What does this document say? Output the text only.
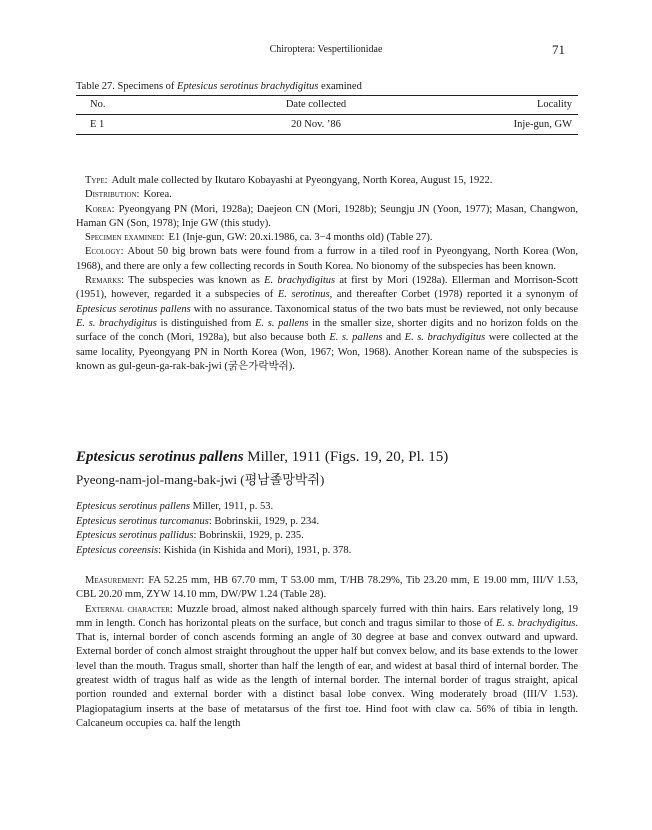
Chiroptera: Vespertilionidae	71
Table 27. Specimens of Eptesicus serotinus brachydigitus examined
No.	Date collected	Locality
E 1	20 Nov. ’86	Inje-gun, GW

Type: Adult male collected by Ikutaro Kobayashi at Pyeongyang, North Korea, August 15, 1922.

Distribution: Korea.

Korea: Pyeongyang PN (Mori, 1928a); Daejeon CN (Mori, 1928b); Seungju JN (Yoon, 1977); Masan, Changwon, Haman GN (Son, 1978); Inje GW (this study).

Specimen examined: E1 (Inje-gun, GW: 20.xi.1986, ca. 3−4 months old) (Table 27).

Ecology: About 50 big brown bats were found from a furrow in a tiled roof in Pyeongyang, North Korea (Won, 1968), and there are only a few collecting records in South Korea. No bionomy of the subspecies has been known.

Remarks: The subspecies was known as E. brachydigitus at first by Mori (1928a). Ellerman and Morrison-Scott (1951), however, regarded it a subspecies of E. serotinus, and thereafter Corbet (1978) reported it a synonym of Eptesicus serotinus pallens with no assurance. Taxonomical status of the two bats must be reviewed, not only because E. s. brachydigitus is distinguished from E. s. pallens in the smaller size, shorter digits and no horizon folds on the surface of the conch (Mori, 1928a), but also because both E. s. pallens and E. s. brachydigitus were collected at the same locality, Pyeongyang PN in North Korea (Won, 1967; Won, 1968). Another Korean name of the subspecies is known as gul-geun-ga-rak-bak-jwi (굵은가락박쥐).

Eptesicus serotinus pallens Miller, 1911 (Figs. 19, 20, Pl. 15)
Pyeong-nam-jol-mang-bak-jwi (평남졸망박쥐)
Eptesicus serotinus pallens Miller, 1911, p. 53.
Eptesicus serotinus turcomanus: Bobrinskii, 1929, p. 234.
Eptesicus serotinus pallidus: Bobrinskii, 1929, p. 235.
Eptesicus coreensis: Kishida (in Kishida and Mori), 1931, p. 378.

Measurement: FA 52.25 mm, HB 67.70 mm, T 53.00 mm, T/HB 78.29%, Tib 23.20 mm, E 19.00 mm, III/V 1.53, CBL 20.20 mm, ZYW 14.10 mm, DW/PW 1.24 (Table 28).

External character: Muzzle broad, almost naked although sparcely furred with thin hairs. Ears relatively long, 19 mm in length. Conch has horizontal pleats on the surface, but conch and tragus similar to those of E. s. brachydigitus. That is, internal border of conch ascends forming an angle of 30 degree at base and convex outward and upward. External border of conch almost straight throughout the upper half but convex below, and its base extends to the lower level than the mouth. Tragus small, shorter than half the length of ear, and widest at basal third of internal border. The greatest width of tragus half as wide as the length of internal border. The internal border of tragus straight, apical portion rounded and external border with a distinct basal lobe convex. Wing moderately broad (III/V 1.53). Plagiopatagium inserts at the base of metatarsus of the first toe. Hind foot with claw ca. 56% of tibia in length. Calcaneum occupies ca. half the length
